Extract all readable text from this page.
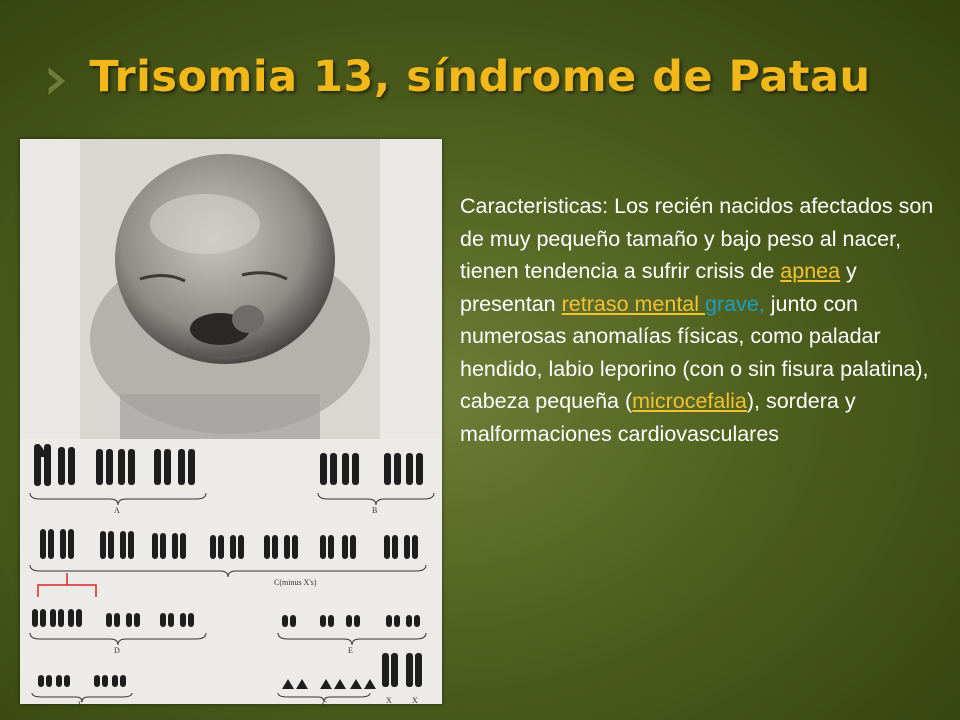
Trisomia 13, síndrome de Patau
A	B
C(minus X's)
D	E
F	G	X	X
Caracteristicas: Los recién nacidos afectados son de muy pequeño tamaño y bajo peso al nacer, tienen tendencia a sufrir crisis de apnea y presentan retraso mental grave, junto con numerosas anomalías físicas, como paladar hendido, labio leporino (con o sin fisura palatina), cabeza pequeña (microcefalia), sordera y malformaciones cardiovasculares
